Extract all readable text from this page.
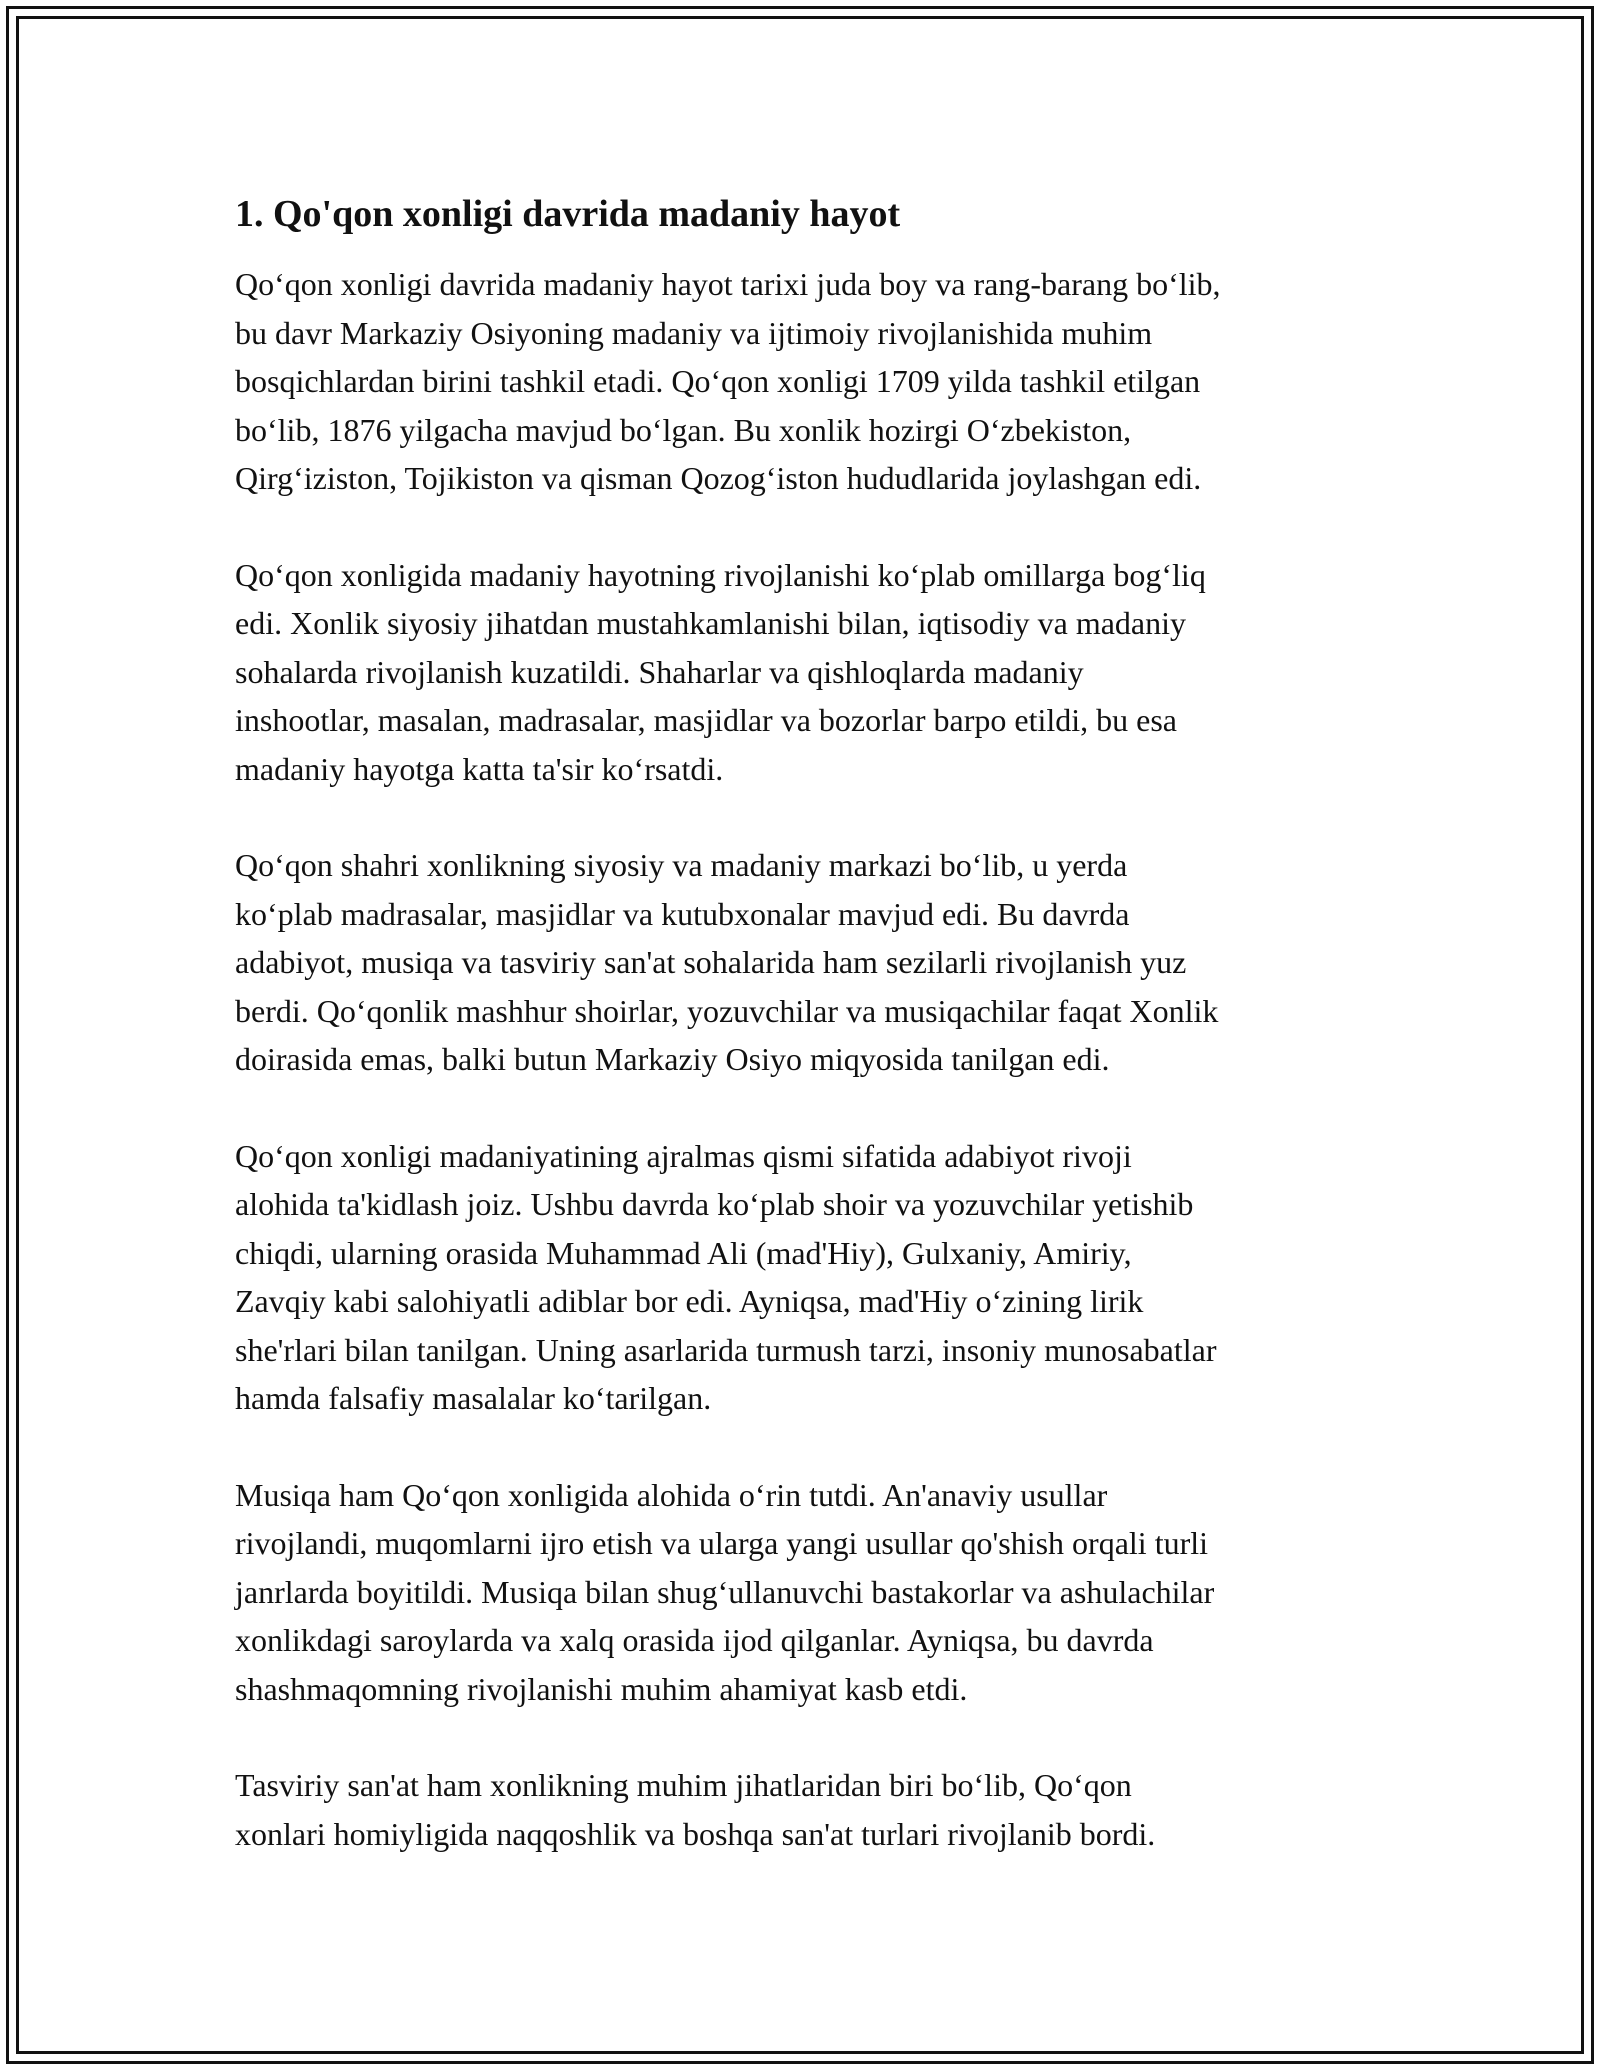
1. Qo'qon xonligi davrida madaniy hayot
Qo‘qon xonligi davrida madaniy hayot tarixi juda boy va rang-barang bo‘lib,
bu davr Markaziy Osiyoning madaniy va ijtimoiy rivojlanishida muhim
bosqichlardan birini tashkil etadi. Qo‘qon xonligi 1709 yilda tashkil etilgan
bo‘lib, 1876 yilgacha mavjud bo‘lgan. Bu xonlik hozirgi O‘zbekiston,
Qirg‘iziston, Tojikiston va qisman Qozog‘iston hududlarida joylashgan edi.
Qo‘qon xonligida madaniy hayotning rivojlanishi ko‘plab omillarga bog‘liq
edi. Xonlik siyosiy jihatdan mustahkamlanishi bilan, iqtisodiy va madaniy
sohalarda rivojlanish kuzatildi. Shaharlar va qishloqlarda madaniy
inshootlar, masalan, madrasalar, masjidlar va bozorlar barpo etildi, bu esa
madaniy hayotga katta ta'sir ko‘rsatdi.
Qo‘qon shahri xonlikning siyosiy va madaniy markazi bo‘lib, u yerda
ko‘plab madrasalar, masjidlar va kutubxonalar mavjud edi. Bu davrda
adabiyot, musiqa va tasviriy san'at sohalarida ham sezilarli rivojlanish yuz
berdi. Qo‘qonlik mashhur shoirlar, yozuvchilar va musiqachilar faqat Xonlik
doirasida emas, balki butun Markaziy Osiyo miqyosida tanilgan edi.
Qo‘qon xonligi madaniyatining ajralmas qismi sifatida adabiyot rivoji
alohida ta'kidlash joiz. Ushbu davrda ko‘plab shoir va yozuvchilar yetishib
chiqdi, ularning orasida Muhammad Ali (mad'Hiy), Gulxaniy, Amiriy,
Zavqiy kabi salohiyatli adiblar bor edi. Ayniqsa, mad'Hiy o‘zining lirik
she'rlari bilan tanilgan. Uning asarlarida turmush tarzi, insoniy munosabatlar
hamda falsafiy masalalar ko‘tarilgan.
Musiqa ham Qo‘qon xonligida alohida o‘rin tutdi. An'anaviy usullar
rivojlandi, muqomlarni ijro etish va ularga yangi usullar qo'shish orqali turli
janrlarda boyitildi. Musiqa bilan shug‘ullanuvchi bastakorlar va ashulachilar
xonlikdagi saroylarda va xalq orasida ijod qilganlar. Ayniqsa, bu davrda
shashmaqomning rivojlanishi muhim ahamiyat kasb etdi.
Tasviriy san'at ham xonlikning muhim jihatlaridan biri bo‘lib, Qo‘qon
xonlari homiyligida naqqoshlik va boshqa san'at turlari rivojlanib bordi.
